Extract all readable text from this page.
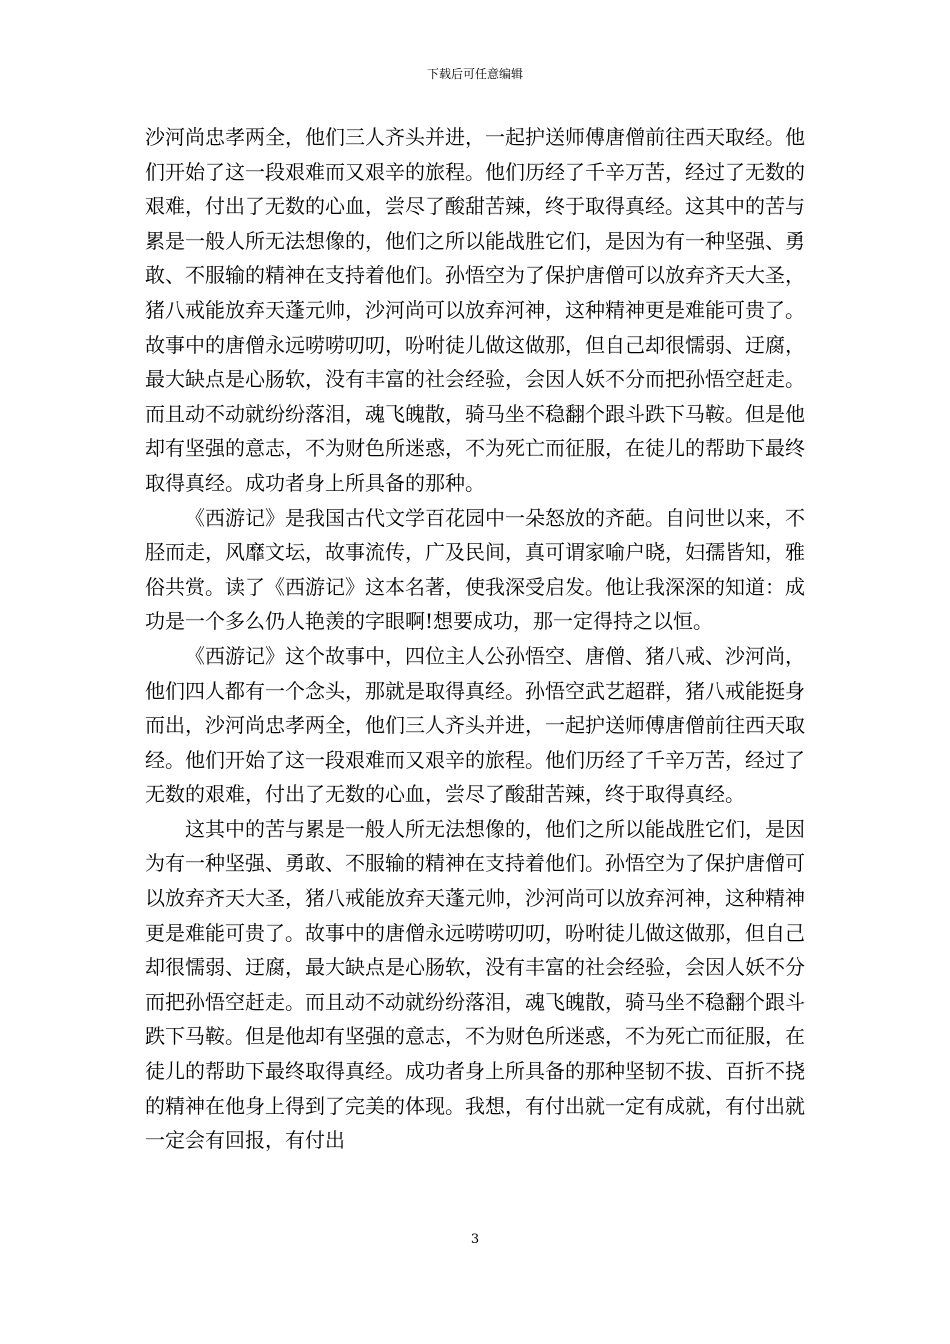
下载后可任意编辑

沙河尚忠孝两全，他们三人齐头并进，一起护送师傅唐僧前往西天取经。他们开始了这一段艰难而又艰辛的旅程。他们历经了千辛万苦，经过了无数的艰难，付出了无数的心血，尝尽了酸甜苦辣，终于取得真经。这其中的苦与累是一般人所无法想像的，他们之所以能战胜它们，是因为有一种坚强、勇敢、不服输的精神在支持着他们。孙悟空为了保护唐僧可以放弃齐天大圣，猪八戒能放弃天蓬元帅，沙河尚可以放弃河神，这种精神更是难能可贵了。故事中的唐僧永远唠唠叨叨，吩咐徒儿做这做那，但自己却很懦弱、迂腐，最大缺点是心肠软，没有丰富的社会经验，会因人妖不分而把孙悟空赶走。而且动不动就纷纷落泪，魂飞魄散，骑马坐不稳翻个跟斗跌下马鞍。但是他却有坚强的意志，不为财色所迷惑，不为死亡而征服，在徒儿的帮助下最终取得真经。成功者身上所具备的那种。

《西游记》是我国古代文学百花园中一朵怒放的齐葩。自问世以来，不胫而走，风靡文坛，故事流传，广及民间，真可谓家喻户晓，妇孺皆知，雅俗共赏。读了《西游记》这本名著，使我深受启发。他让我深深的知道：成功是一个多么仍人艳羡的字眼啊!想要成功，那一定得持之以恒。

《西游记》这个故事中，四位主人公孙悟空、唐僧、猪八戒、沙河尚，他们四人都有一个念头，那就是取得真经。孙悟空武艺超群，猪八戒能挺身而出，沙河尚忠孝两全，他们三人齐头并进，一起护送师傅唐僧前往西天取经。他们开始了这一段艰难而又艰辛的旅程。他们历经了千辛万苦，经过了无数的艰难，付出了无数的心血，尝尽了酸甜苦辣，终于取得真经。

这其中的苦与累是一般人所无法想像的，他们之所以能战胜它们，是因为有一种坚强、勇敢、不服输的精神在支持着他们。孙悟空为了保护唐僧可以放弃齐天大圣，猪八戒能放弃天蓬元帅，沙河尚可以放弃河神，这种精神更是难能可贵了。故事中的唐僧永远唠唠叨叨，吩咐徒儿做这做那，但自己却很懦弱、迂腐，最大缺点是心肠软，没有丰富的社会经验，会因人妖不分而把孙悟空赶走。而且动不动就纷纷落泪，魂飞魄散，骑马坐不稳翻个跟斗跌下马鞍。但是他却有坚强的意志，不为财色所迷惑，不为死亡而征服，在徒儿的帮助下最终取得真经。成功者身上所具备的那种坚韧不拔、百折不挠的精神在他身上得到了完美的体现。我想，有付出就一定有成就，有付出就一定会有回报，有付出

3
